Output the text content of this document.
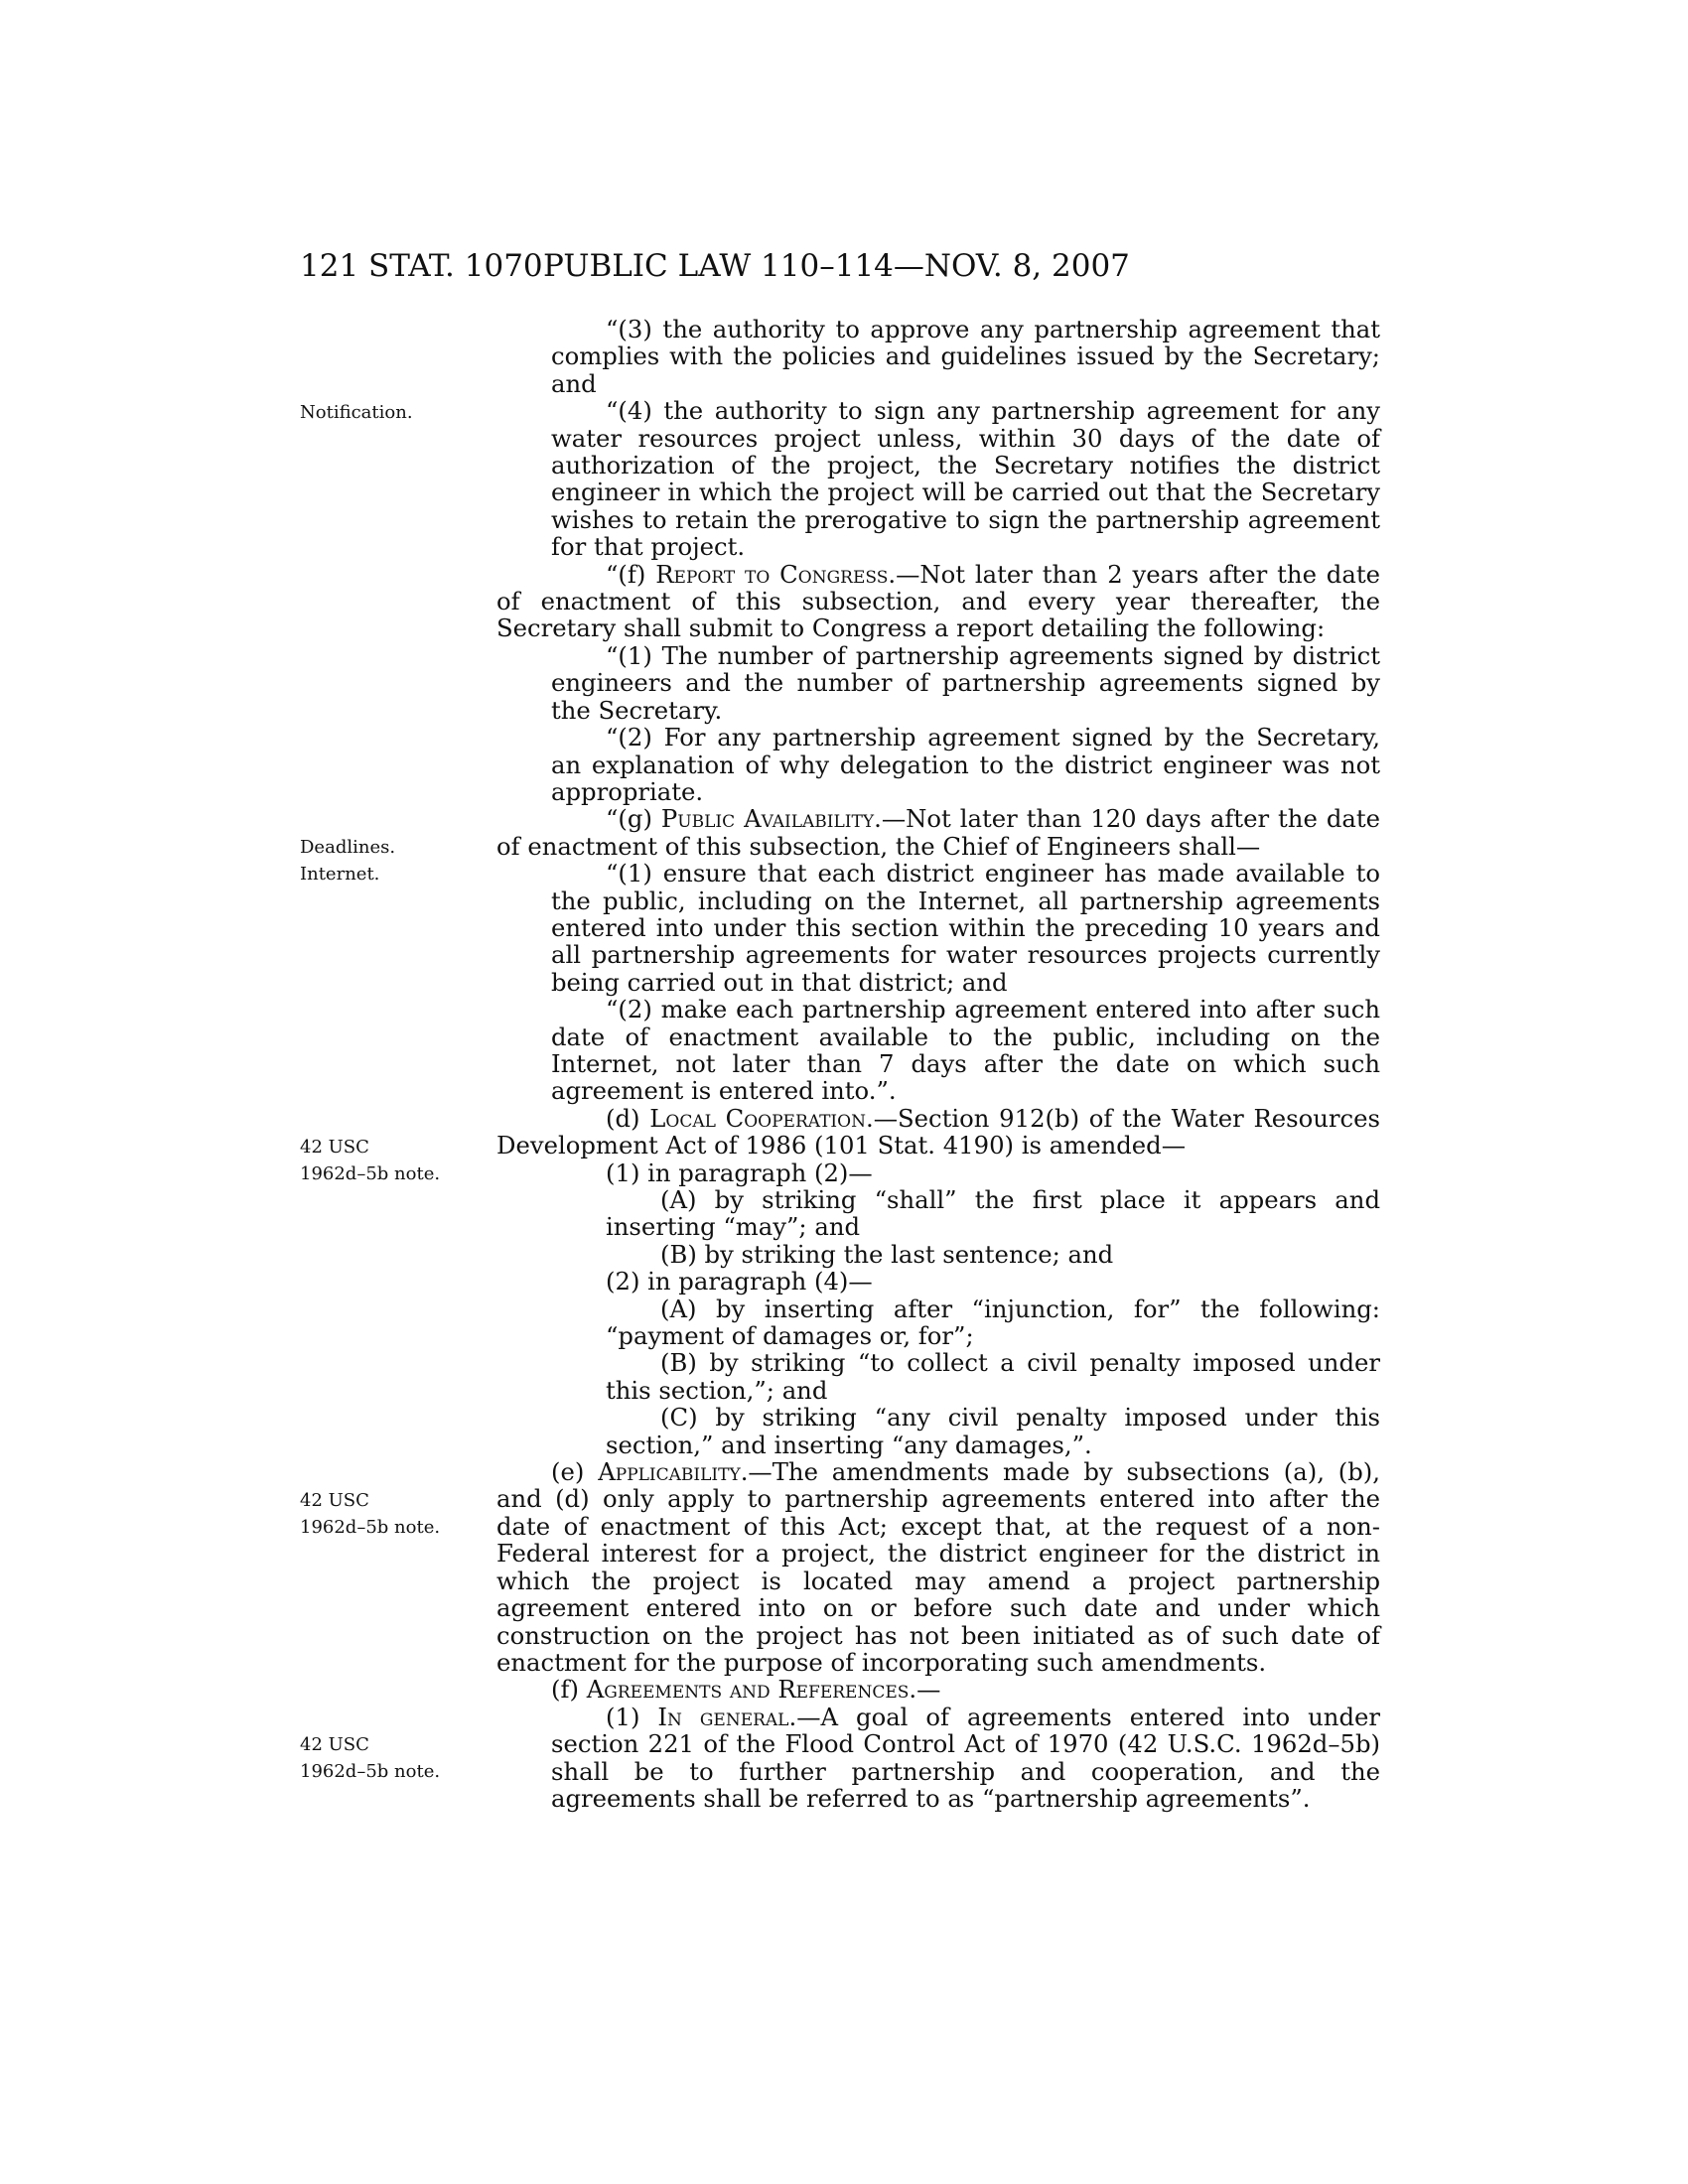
121 STAT. 1070 PUBLIC LAW 110–114—NOV. 8, 2007
Notification.
Deadlines.
Internet.
42 USC
1962d–5b note.
42 USC
1962d–5b note.
42 USC
1962d–5b note.

“(3) the authority to approve any partnership agreement that complies with the policies and guidelines issued by the Secretary; and

“(4) the authority to sign any partnership agreement for any water resources project unless, within 30 days of the date of authorization of the project, the Secretary notifies the district engineer in which the project will be carried out that the Secretary wishes to retain the prerogative to sign the partnership agreement for that project.

“(f) Report to Congress.—Not later than 2 years after the date of enactment of this subsection, and every year thereafter, the Secretary shall submit to Congress a report detailing the following:

“(1) The number of partnership agreements signed by district engineers and the number of partnership agreements signed by the Secretary.

“(2) For any partnership agreement signed by the Secretary, an explanation of why delegation to the district engineer was not appropriate.

“(g) Public Availability.—Not later than 120 days after the date of enactment of this subsection, the Chief of Engineers shall—

“(1) ensure that each district engineer has made available to the public, including on the Internet, all partnership agreements entered into under this section within the preceding 10 years and all partnership agreements for water resources projects currently being carried out in that district; and

“(2) make each partnership agreement entered into after such date of enactment available to the public, including on the Internet, not later than 7 days after the date on which such agreement is entered into.”.

(d) Local Cooperation.—Section 912(b) of the Water Resources Development Act of 1986 (101 Stat. 4190) is amended—

(1) in paragraph (2)—

(A) by striking “shall” the first place it appears and inserting “may”; and

(B) by striking the last sentence; and

(2) in paragraph (4)—

(A) by inserting after “injunction, for” the following: “payment of damages or, for”;

(B) by striking “to collect a civil penalty imposed under this section,”; and

(C) by striking “any civil penalty imposed under this section,” and inserting “any damages,”.

(e) Applicability.—The amendments made by subsections (a), (b), and (d) only apply to partnership agreements entered into after the date of enactment of this Act; except that, at the request of a non-Federal interest for a project, the district engineer for the district in which the project is located may amend a project partnership agreement entered into on or before such date and under which construction on the project has not been initiated as of such date of enactment for the purpose of incorporating such amendments.

(f) Agreements and References.—

(1) In general.—A goal of agreements entered into under section 221 of the Flood Control Act of 1970 (42 U.S.C. 1962d–5b) shall be to further partnership and cooperation, and the agreements shall be referred to as “partnership agreements”.
